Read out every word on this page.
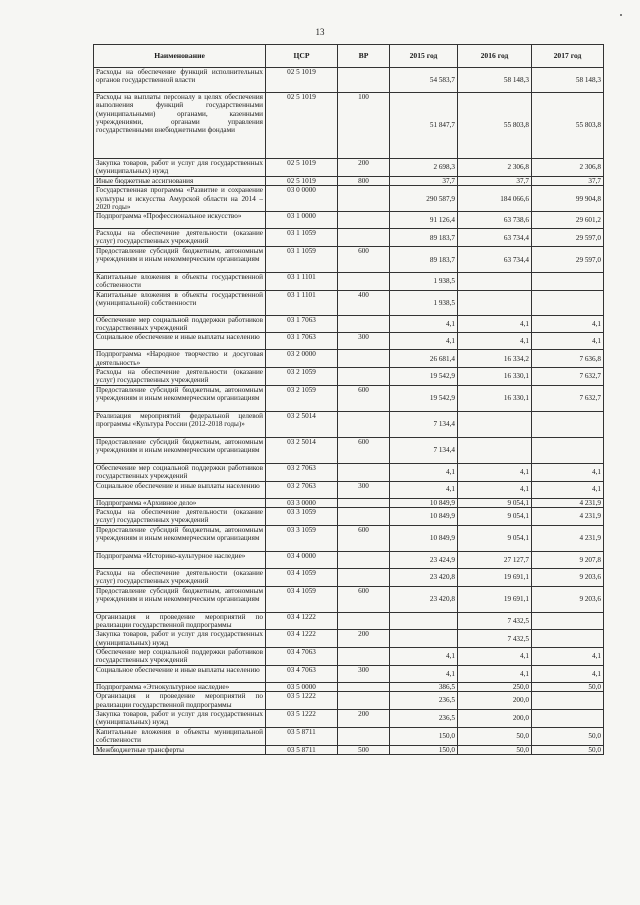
13
Наименование	ЦСР	ВР	2015 год	2016 год	2017 год
Расходы на обеспечение функций исполнительных органов государственной власти	02 5 1019		54 583,7	58 148,3	58 148,3
Расходы на выплаты персоналу в целях обеспечения выполнения функций государственными (муниципальными) органами, казенными учреждениями, органами управления государственными внебюджетными фондами	02 5 1019	100	51 847,7	55 803,8	55 803,8
Закупка товаров, работ и услуг для государственных (муниципальных) нужд	02 5 1019	200	2 698,3	2 306,8	2 306,8
Иные бюджетные ассигнования	02 5 1019	800	37,7	37,7	37,7
Государственная программа «Развитие и сохранение культуры и искусства Амурской области на 2014 – 2020 годы»	03 0 0000		290 587,9	184 066,6	99 904,8
Подпрограмма «Профессиональное искусство»	03 1 0000		91 126,4	63 738,6	29 601,2
Расходы на обеспечение деятельности (оказание услуг) государственных учреждений	03 1 1059		89 183,7	63 734,4	29 597,0
Предоставление субсидий бюджетным, автономным учреждениям и иным некоммерческим организациям	03 1 1059	600	89 183,7	63 734,4	29 597,0
Капитальные вложения в объекты государственной собственности	03 1 1101		1 938,5		
Капитальные вложения в объекты государственной (муниципальной) собственности	03 1 1101	400	1 938,5		
Обеспечение мер социальной поддержки работников государственных учреждений	03 1 7063		4,1	4,1	4,1
Социальное обеспечение и иные выплаты населению	03 1 7063	300	4,1	4,1	4,1
Подпрограмма «Народное творчество и досуговая деятельность»	03 2 0000		26 681,4	16 334,2	7 636,8
Расходы на обеспечение деятельности (оказание услуг) государственных учреждений	03 2 1059		19 542,9	16 330,1	7 632,7
Предоставление субсидий бюджетным, автономным учреждениям и иным некоммерческим организациям	03 2 1059	600	19 542,9	16 330,1	7 632,7
Реализация мероприятий федеральной целевой программы «Культура России (2012-2018 годы)»	03 2 5014		7 134,4		
Предоставление субсидий бюджетным, автономным учреждениям и иным некоммерческим организациям	03 2 5014	600	7 134,4		
Обеспечение мер социальной поддержки работников государственных учреждений	03 2 7063		4,1	4,1	4,1
Социальное обеспечение и иные выплаты населению	03 2 7063	300	4,1	4,1	4,1
Подпрограмма «Архивное дело»	03 3 0000		10 849,9	9 054,1	4 231,9
Расходы на обеспечение деятельности (оказание услуг) государственных учреждений	03 3 1059		10 849,9	9 054,1	4 231,9
Предоставление субсидий бюджетным, автономным учреждениям и иным некоммерческим организациям	03 3 1059	600	10 849,9	9 054,1	4 231,9
Подпрограмма «Историко-культурное наследие»	03 4 0000		23 424,9	27 127,7	9 207,8
Расходы на обеспечение деятельности (оказание услуг) государственных учреждений	03 4 1059		23 420,8	19 691,1	9 203,6
Предоставление субсидий бюджетным, автономным учреждениям и иным некоммерческим организациям	03 4 1059	600	23 420,8	19 691,1	9 203,6
Организация и проведение мероприятий по реализации государственной подпрограммы	03 4 1222			7 432,5	
Закупка товаров, работ и услуг для государственных (муниципальных) нужд	03 4 1222	200		7 432,5	
Обеспечение мер социальной поддержки работников государственных учреждений	03 4 7063		4,1	4,1	4,1
Социальное обеспечение и иные выплаты населению	03 4 7063	300	4,1	4,1	4,1
Подпрограмма «Этнокультурное наследие»	03 5 0000		386,5	250,0	50,0
Организация и проведение мероприятий по реализации государственной подпрограммы	03 5 1222		236,5	200,0	
Закупка товаров, работ и услуг для государственных (муниципальных) нужд	03 5 1222	200	236,5	200,0	
Капитальные вложения в объекты муниципальной собственности	03 5 8711		150,0	50,0	50,0
Межбюджетные трансферты	03 5 8711	500	150,0	50,0	50,0
